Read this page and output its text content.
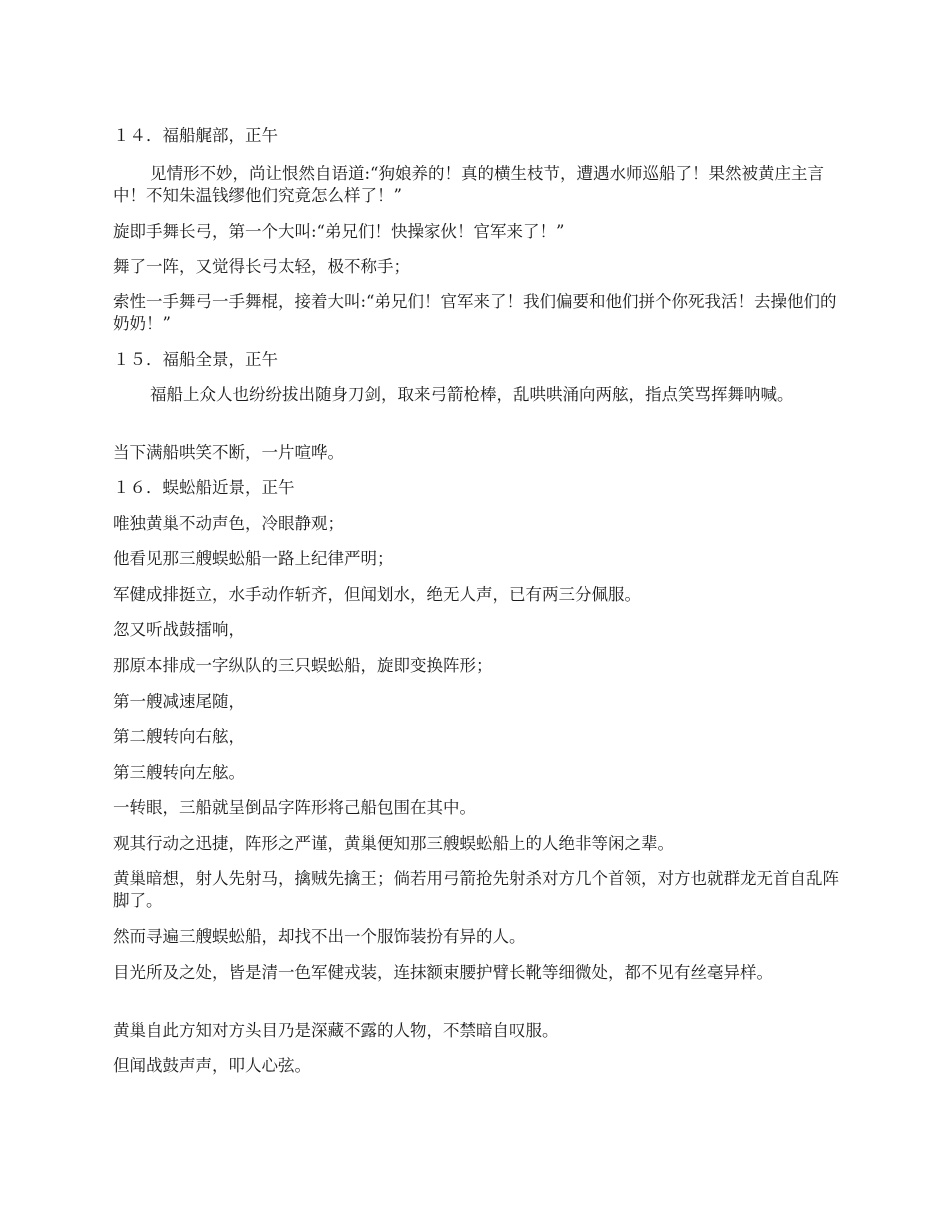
１４．福船艉部，正午

见情形不妙，尚让恨然自语道:“狗娘养的！真的横生枝节，遭遇水师巡船了！果然被黄庄主言中！不知朱温钱缪他们究竟怎么样了！”

旋即手舞长弓，第一个大叫:“弟兄们！快操家伙！官军来了！”

舞了一阵，又觉得长弓太轻，极不称手；

索性一手舞弓一手舞棍，接着大叫:“弟兄们！官军来了！我们偏要和他们拼个你死我活！去操他们的奶奶！”

１５．福船全景，正午

福船上众人也纷纷拔出随身刀剑，取来弓箭枪棒，乱哄哄涌向两舷，指点笑骂挥舞呐喊。

当下满船哄笑不断，一片喧哗。

１６．蜈蚣船近景，正午

唯独黄巢不动声色，冷眼静观；

他看见那三艘蜈蚣船一路上纪律严明；

军健成排挺立，水手动作斩齐，但闻划水，绝无人声，已有两三分佩服。

忽又听战鼓擂响，

那原本排成一字纵队的三只蜈蚣船，旋即变换阵形；

第一艘减速尾随，

第二艘转向右舷，

第三艘转向左舷。

一转眼，三船就呈倒品字阵形将己船包围在其中。

观其行动之迅捷，阵形之严谨，黄巢便知那三艘蜈蚣船上的人绝非等闲之辈。

黄巢暗想，射人先射马，擒贼先擒王；倘若用弓箭抢先射杀对方几个首领，对方也就群龙无首自乱阵脚了。

然而寻遍三艘蜈蚣船，却找不出一个服饰装扮有异的人。

目光所及之处，皆是清一色军健戎装，连抹额束腰护臂长靴等细微处，都不见有丝毫异样。

黄巢自此方知对方头目乃是深藏不露的人物，不禁暗自叹服。

但闻战鼓声声，叩人心弦。
